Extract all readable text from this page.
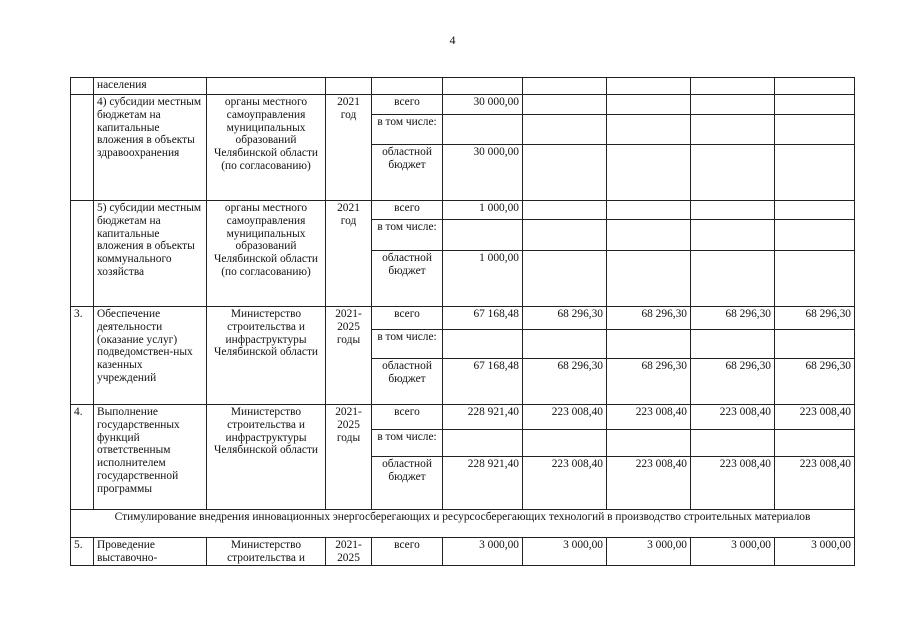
4
	населения								
	4) субсидии местным бюджетам на капитальные вложения в объекты здравоохранения	органы местного самоуправления муниципальных образований Челябинской области (по согласованию)	2021 год	всего	30 000,00				
				в том числе:					
				областной бюджет	30 000,00				
	5) субсидии местным бюджетам на капитальные вложения в объекты коммунального хозяйства	органы местного самоуправления муниципальных образований Челябинской области (по согласованию)	2021 год	всего	1 000,00				
				в том числе:					
				областной бюджет	1 000,00				
3.	Обеспечение деятельности (оказание услуг) подведомствен-ных казенных учреждений	Министерство строительства и инфраструктуры Челябинской области	2021-2025 годы	всего	67 168,48	68 296,30	68 296,30	68 296,30	68 296,30
				в том числе:					
				областной бюджет	67 168,48	68 296,30	68 296,30	68 296,30	68 296,30
4.	Выполнение государственных функций ответственным исполнителем государственной программы	Министерство строительства и инфраструктуры Челябинской области	2021-2025 годы	всего	228 921,40	223 008,40	223 008,40	223 008,40	223 008,40
				в том числе:					
				областной бюджет	228 921,40	223 008,40	223 008,40	223 008,40	223 008,40
Стимулирование внедрения инновационных энергосберегающих и ресурсосберегающих технологий в производство строительных материалов									
5.	Проведение выставочно-	Министерство строительства и	2021-2025	всего	3 000,00	3 000,00	3 000,00	3 000,00	3 000,00
